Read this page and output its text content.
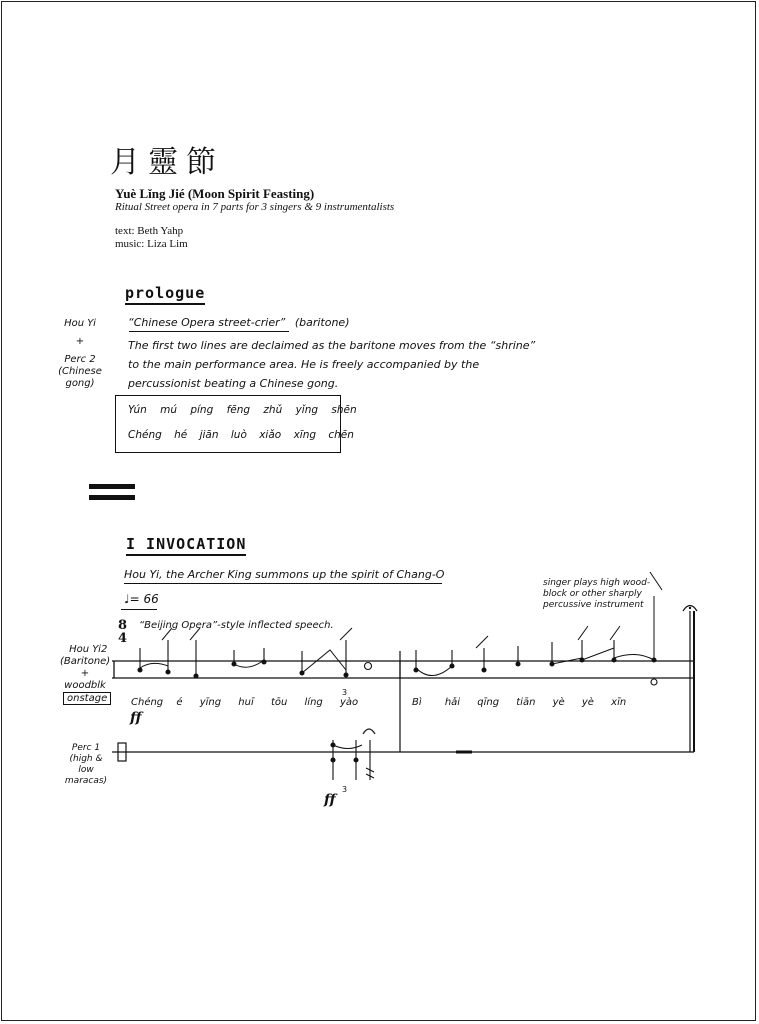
月靈節
Yuè Lǐng Jié (Moon Spirit Feasting)
Ritual Street opera in 7 parts for 3 singers & 9 instrumentalists
text: Beth Yahp
music: Liza Lim
prologue
Hou Yi
+
Perc 2
(Chinese
gong)
“Chinese Opera street-crier” (baritone)
The first two lines are declaimed as the baritone moves from the “shrine”
to the main performance area. He is freely accompanied by the
percussionist beating a Chinese gong.
Yún mú píng fēng zhǔ yǐng shēn
Chéng hé jiān luò xiǎo xīng chēn
I INVOCATION
Hou Yi, the Archer King summons up the spirit of Chang-O
♩= 66
8
4
“Beijing Opera”-style inflected speech.
singer plays high wood-
block or other sharply
percussive instrument
Hou Yi
(Baritone)
+
woodblk
2
onstage
Perc 1
(high &
low
maracas)
3
3
Chéng é yīng huī tōu líng yào	Bì hǎi qīng tiān yè yè xīn
ff
ff
